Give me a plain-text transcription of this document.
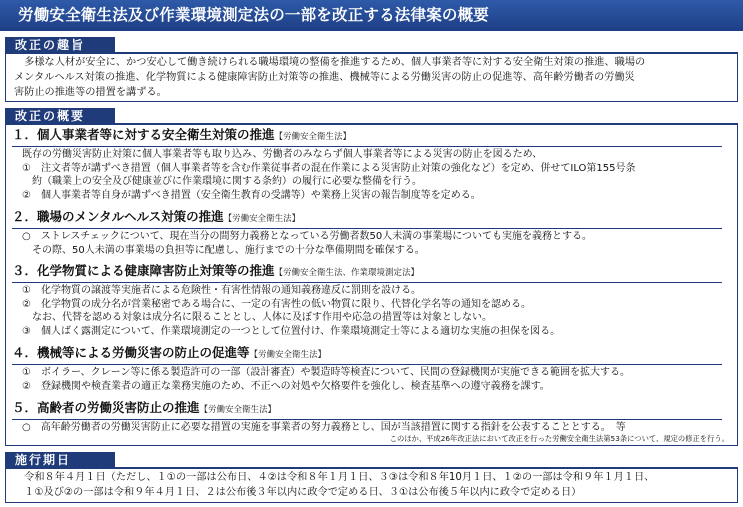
労働安全衛生法及び作業環境測定法の一部を改正する法律案の概要
改正の趣旨
　多様な人材が安全に、かつ安心して働き続けられる職場環境の整備を推進するため、個人事業者等に対する安全衛生対策の推進、職場の
メンタルヘルス対策の推進、化学物質による健康障害防止対策等の推進、機械等による労働災害の防止の促進等、高年齢労働者の労働災
害防止の推進等の措置を講ずる。
改正の概要
１．個人事業者等に対する安全衛生対策の推進【労働安全衛生法】
　既存の労働災害防止対策に個人事業者等も取り込み、労働者のみならず個人事業者等による災害の防止を図るため、
　①　注文者等が講ずべき措置（個人事業者等を含む作業従事者の混在作業による災害防止対策の強化など）を定め、併せてILO第155号条
　　約（職業上の安全及び健康並びに作業環境に関する条約）の履行に必要な整備を行う。
　②　個人事業者等自身が講ずべき措置（安全衛生教育の受講等）や業務上災害の報告制度等を定める。
２．職場のメンタルヘルス対策の推進【労働安全衛生法】
　○　ストレスチェックについて、現在当分の間努力義務となっている労働者数50人未満の事業場についても実施を義務とする。
　　その際、50人未満の事業場の負担等に配慮し、施行までの十分な準備期間を確保する。
３．化学物質による健康障害防止対策等の推進【労働安全衛生法、作業環境測定法】
　①　化学物質の譲渡等実施者による危険性・有害性情報の通知義務違反に罰則を設ける。
　②　化学物質の成分名が営業秘密である場合に、一定の有害性の低い物質に限り、代替化学名等の通知を認める。
　　なお、代替を認める対象は成分名に限ることとし、人体に及ぼす作用や応急の措置等は対象としない。
　③　個人ばく露測定について、作業環境測定の一つとして位置付け、作業環境測定士等による適切な実施の担保を図る。
４．機械等による労働災害の防止の促進等【労働安全衛生法】
　①　ボイラー、クレーン等に係る製造許可の一部（設計審査）や製造時等検査について、民間の登録機関が実施できる範囲を拡大する。
　②　登録機関や検査業者の適正な業務実施のため、不正への対処や欠格要件を強化し、検査基準への遵守義務を課す。
５．高齢者の労働災害防止の推進【労働安全衛生法】
　○　高年齢労働者の労働災害防止に必要な措置の実施を事業者の努力義務とし、国が当該措置に関する指針を公表することとする。　等
このほか、平成26年改正法において改正を行った労働安全衛生法第53条について、規定の修正を行う。
施行期日
　令和８年４月１日（ただし、１①の一部は公布日、４②は令和８年１月１日、３③は令和８年10月１日、１②の一部は令和９年１月１日、
　１①及び②の一部は令和９年４月１日、２は公布後３年以内に政令で定める日、３①は公布後５年以内に政令で定める日）
